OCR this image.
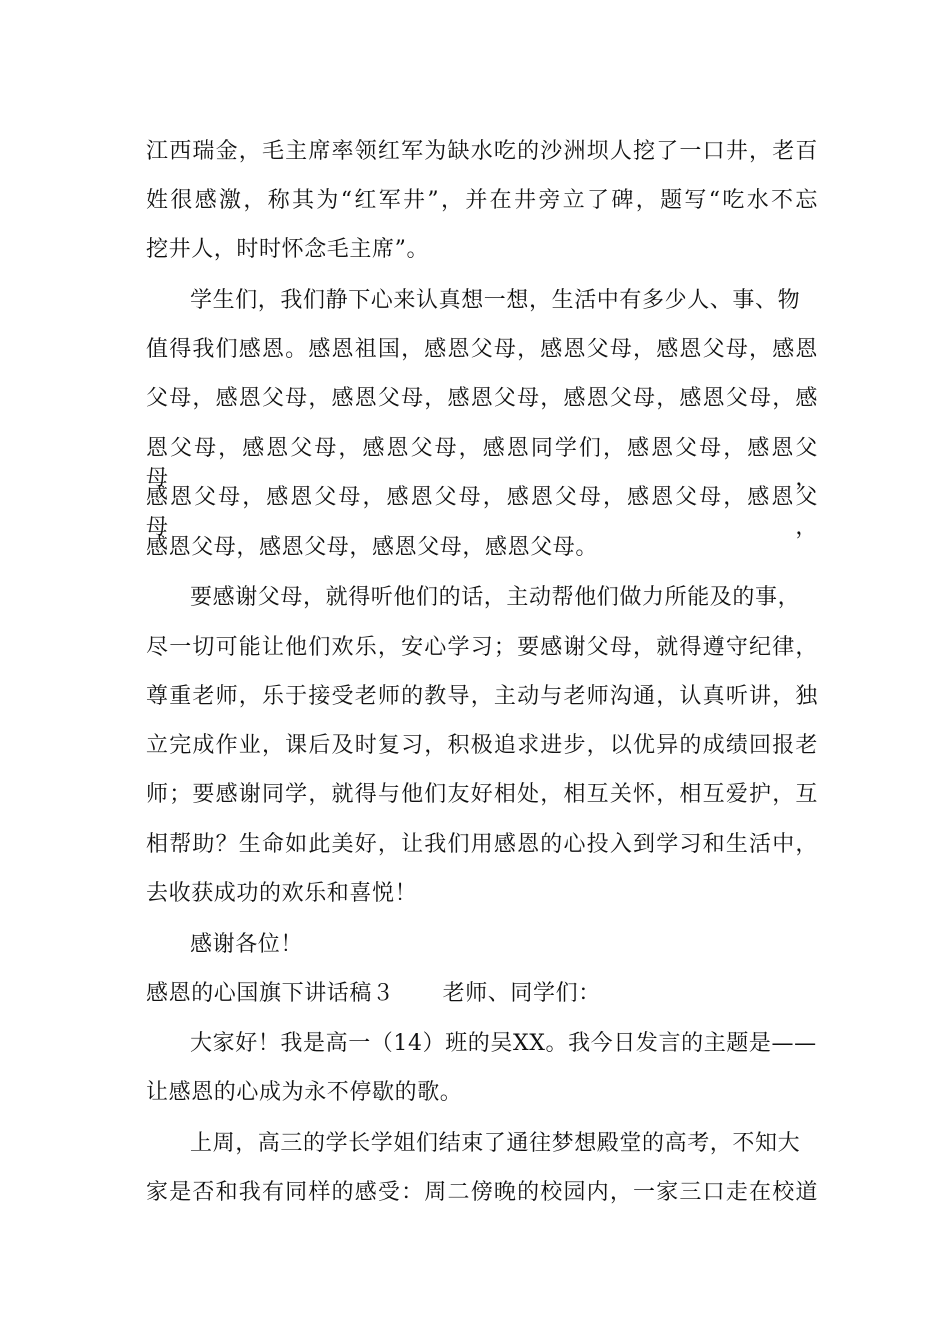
江西瑞金，毛主席率领红军为缺水吃的沙洲坝人挖了一口井，老百
姓很感激，称其为“红军井”，并在井旁立了碑，题写“吃水不忘
挖井人，时时怀念毛主席”。
学生们，我们静下心来认真想一想，生活中有多少人、事、物
值得我们感恩。感恩祖国，感恩父母，感恩父母，感恩父母，感恩
父母，感恩父母，感恩父母，感恩父母，感恩父母，感恩父母，感
恩父母，感恩父母，感恩父母，感恩同学们，感恩父母，感恩父母，
感恩父母，感恩父母，感恩父母，感恩父母，感恩父母，感恩父母，
感恩父母，感恩父母，感恩父母，感恩父母。
要感谢父母，就得听他们的话，主动帮他们做力所能及的事，
尽一切可能让他们欢乐，安心学习；要感谢父母，就得遵守纪律，
尊重老师，乐于接受老师的教导，主动与老师沟通，认真听讲，独
立完成作业，课后及时复习，积极追求进步，以优异的成绩回报老
师；要感谢同学，就得与他们友好相处，相互关怀，相互爱护，互
相帮助？生命如此美好，让我们用感恩的心投入到学习和生活中，
去收获成功的欢乐和喜悦！
感谢各位！
感恩的心国旗下讲话稿３ 老师、同学们：
大家好！我是高一（14）班的吴XX。我今日发言的主题是——
让感恩的心成为永不停歇的歌。
上周，高三的学长学姐们结束了通往梦想殿堂的高考，不知大
家是否和我有同样的感受：周二傍晚的校园内，一家三口走在校道
